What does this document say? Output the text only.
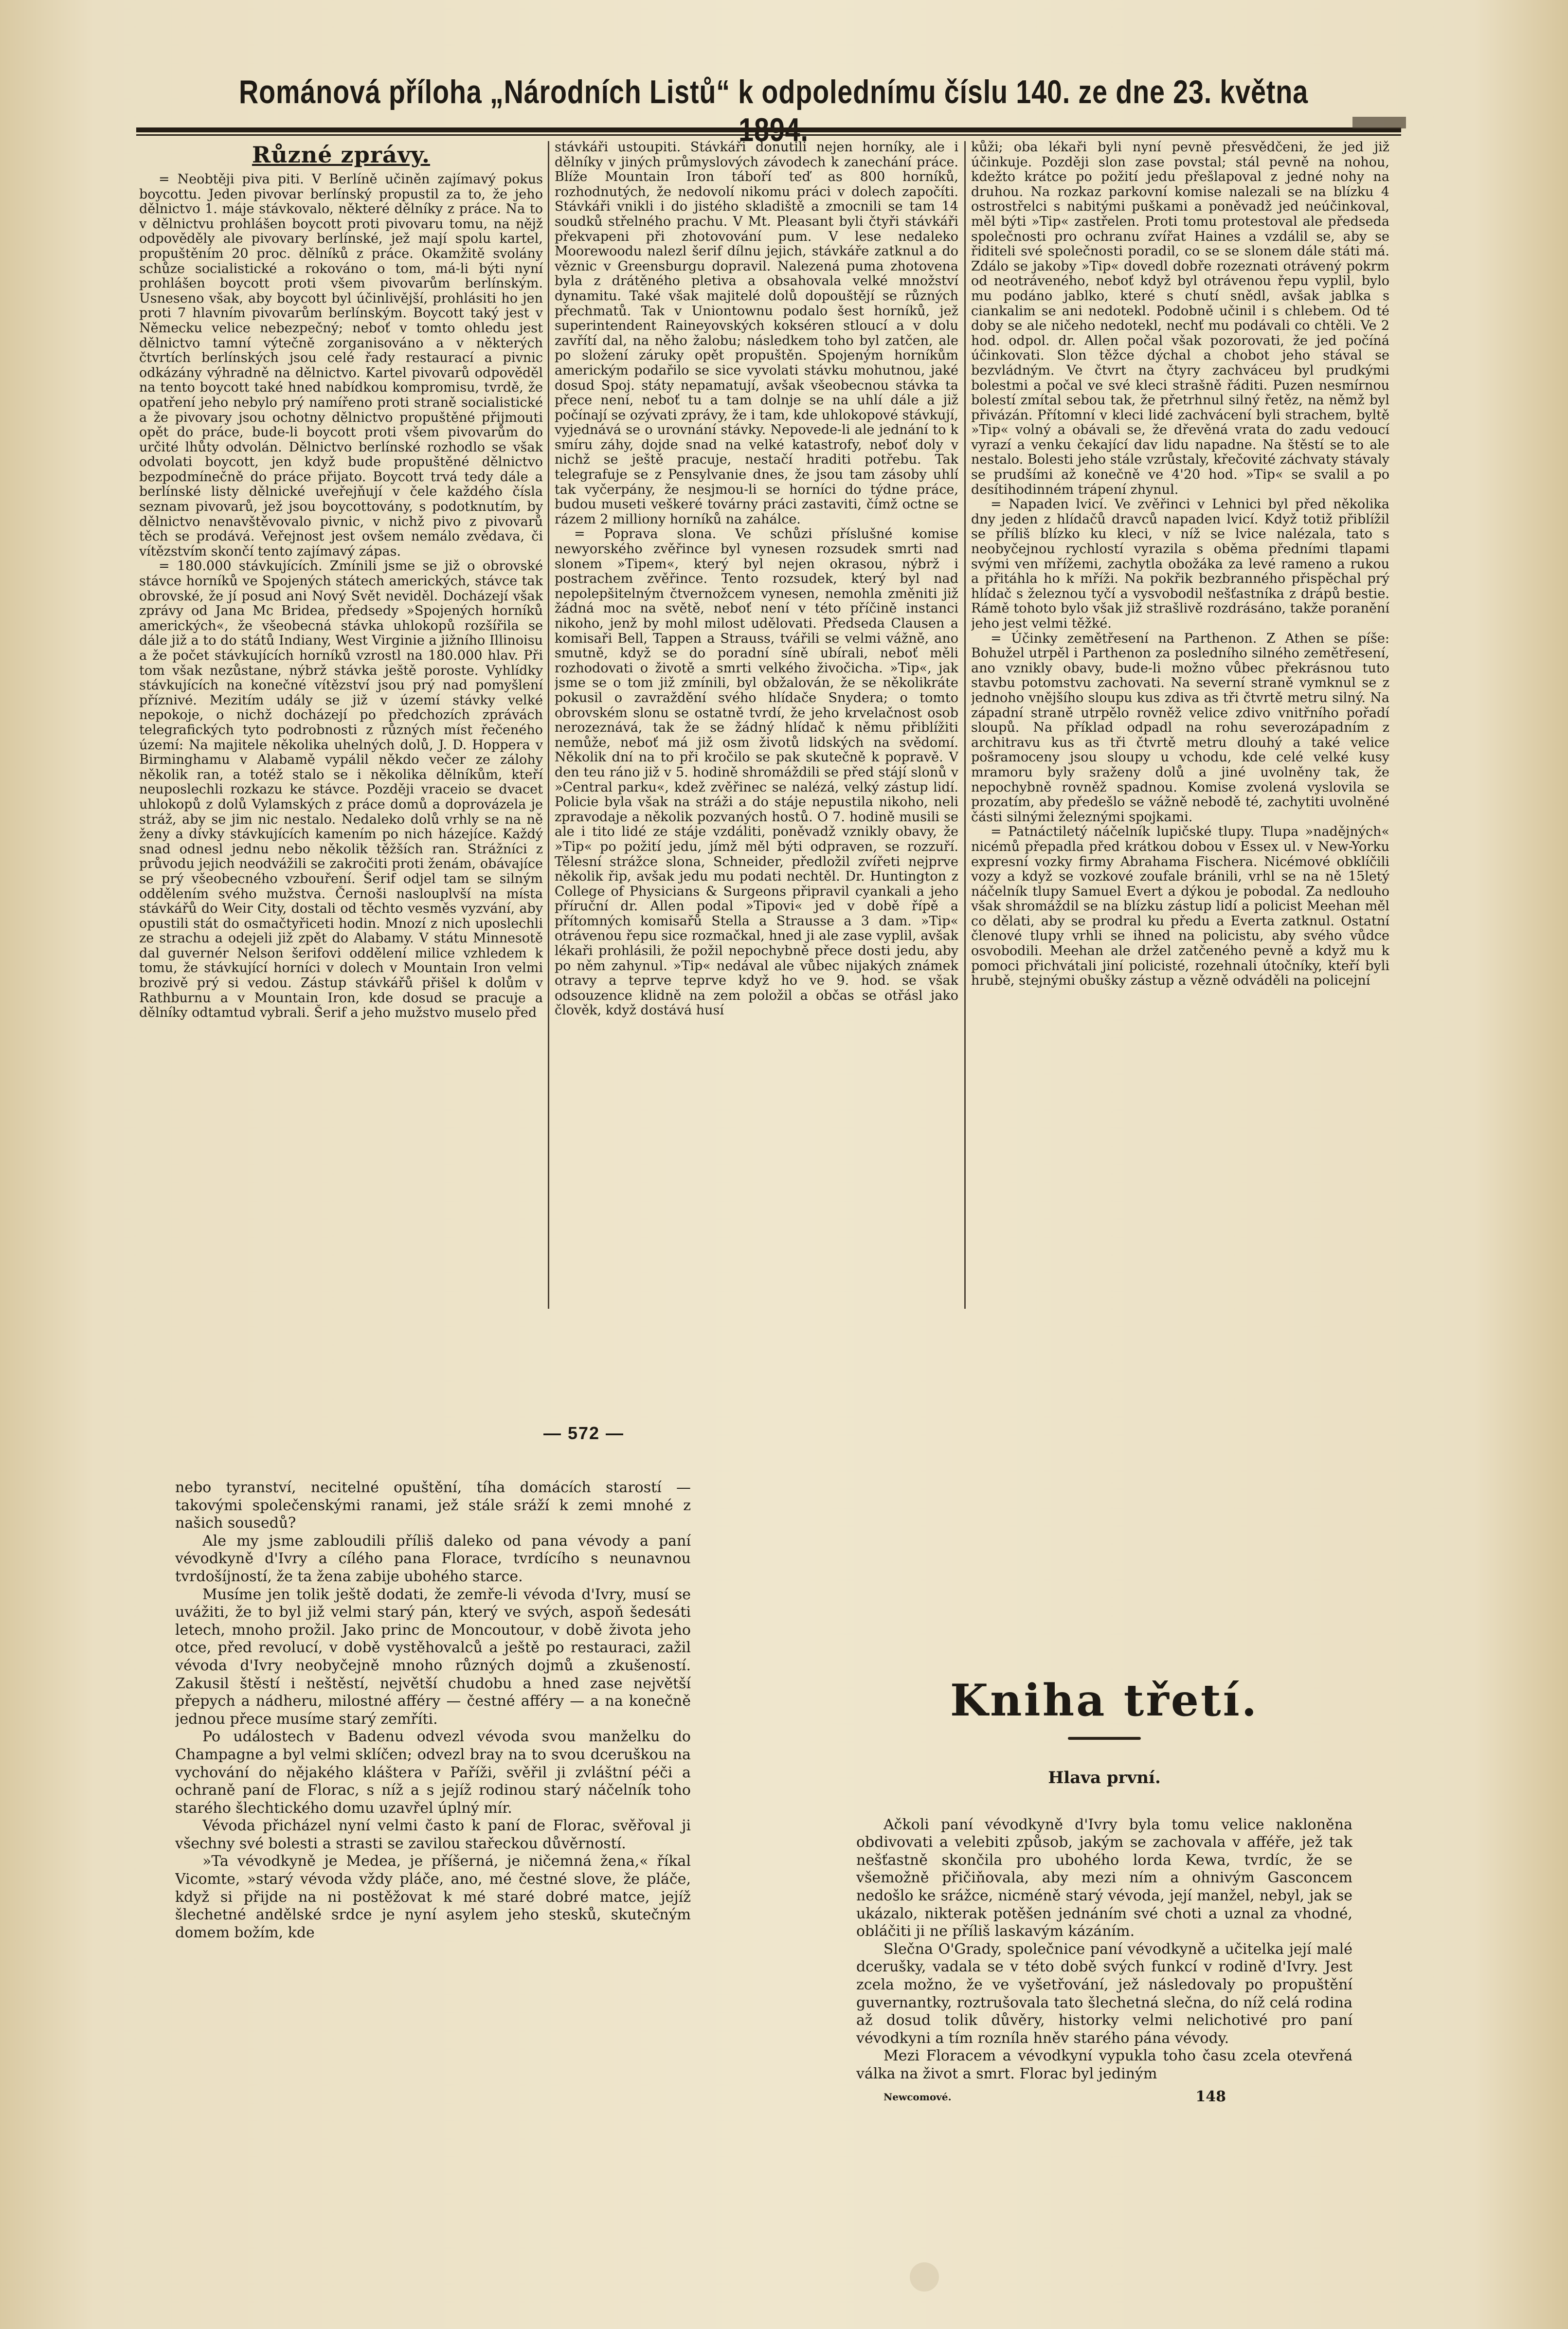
Románová příloha „Národních Listů“ k odpolednímu číslu 140. ze dne 23. května
Různé zprávy.

= Neobtěji piva piti. V Berlíně učiněn zajímavý pokus boycottu. Jeden pivovar berlínský propustil za to, že jeho dělnictvo 1. máje stávkovalo, některé dělníky z práce. Na to v dělnictvu prohlášen boycott proti pivovaru tomu, na nějž odpověděly ale pivovary berlínské, jež mají spolu kartel, propuštěním 20 proc. dělníků z práce. Okamžitě svolány schůze socialistické a rokováno o tom, má-li býti nyní prohlášen boycott proti všem pivovarům berlínským. Usneseno však, aby boycott byl účinlivější, prohlásiti ho jen proti 7 hlavním pivovarům berlínským. Boycott taký jest v Německu velice nebezpečný; neboť v tomto ohledu jest dělnictvo tamní výtečně zorganisováno a v některých čtvrtích berlínských jsou celé řady restaurací a pivnic odkázány výhradně na dělnictvo. Kartel pivovarů odpověděl na tento boycott také hned nabídkou kompromisu, tvrdě, že opatření jeho nebylo prý namířeno proti straně socialistické a že pivovary jsou ochotny dělnictvo propuštěné přijmouti opět do práce, bude-li boycott proti všem pivovarům do určité lhůty odvolán. Dělnictvo berlínské rozhodlo se však odvolati boycott, jen když bude propuštěné dělnictvo bezpodmínečně do práce přijato. Boycott trvá tedy dále a berlínské listy dělnické uveřejňují v čele každého čísla seznam pivovarů, jež jsou boycottovány, s podotknutím, by dělnictvo nenavštěvovalo pivnic, v nichž pivo z pivovarů těch se prodává. Veřejnost jest ovšem nemálo zvědava, či vítězstvím skončí tento zajímavý zápas.

= 180.000 stávkujících. Zmínili jsme se již o obrovské stávce horníků ve Spojených státech amerických, stávce tak obrovské, že jí posud ani Nový Svět neviděl. Docházejí však zprávy od Jana Mc Bridea, předsedy »Spojených horníků amerických«, že všeobecná stávka uhlokopů rozšířila se dále již a to do států Indiany, West Virginie a jižního Illinoisu a že počet stávkujících horníků vzrostl na 180.000 hlav. Při tom však nezůstane, nýbrž stávka ještě poroste. Vyhlídky stávkujících na konečné vítězství jsou prý nad pomyšlení příznivé. Mezitím udály se již v území stávky velké nepokoje, o nichž docházejí po předchozích zprávách telegrafických tyto podrobnosti z různých míst řečeného území: Na majitele několika uhelných dolů, J. D. Hoppera v Birminghamu v Alabamě vypálil někdo večer ze zálohy několik ran, a totéž stalo se i několika dělníkům, kteří neuposlechli rozkazu ke stávce. Později vraceio se dvacet uhlokopů z dolů Vylamských z práce domů a doprovázela je stráž, aby se jim nic nestalo. Nedaleko dolů vrhly se na ně ženy a dívky stávkujících kamením po nich házejíce. Každý snad odnesl jednu nebo několik těžších ran. Strážníci z průvodu jejich neodvážili se zakročiti proti ženám, obávajíce se prý všeobecného vzbouření. Šerif odjel tam se silným oddělením svého mužstva. Černoši naslouplvší na místa stávkářů do Weir City, dostali od těchto vesměs vyzvání, aby opustili stát do osmačtyřiceti hodin. Mnozí z nich uposlechli ze strachu a odejeli již zpět do Alabamy. V státu Minnesotě dal guvernér Nelson šerifovi oddělení milice vzhledem k tomu, že stávkující horníci v dolech v Mountain Iron velmi brozivě prý si vedou. Zástup stávkářů přišel k dolům v Rathburnu a v Mountain Iron, kde dosud se pracuje a dělníky odtamtud vybrali. Šerif a jeho mužstvo muselo před

stávkáři ustoupiti. Stávkáři donutili nejen horníky, ale i dělníky v jiných průmyslových závodech k zanechání práce. Blíže Mountain Iron táboří teď as 800 horníků, rozhodnutých, že nedovolí nikomu práci v dolech započíti. Stávkáři vnikli i do jistého skladiště a zmocnili se tam 14 soudků střelného prachu. V Mt. Pleasant byli čtyři stávkáři překvapeni při zhotovování pum. V lese nedaleko Moorewoodu nalezl šerif dílnu jejich, stávkáře zatknul a do věznic v Greensburgu dopravil. Nalezená puma zhotovena byla z drátěného pletiva a obsahovala velké množství dynamitu. Také však majitelé dolů dopouštějí se různých přechmatů. Tak v Uniontownu podalo šest horníků, jež superintendent Raineyovských kokséren stloucí a v dolu zavřítí dal, na něho žalobu; následkem toho byl zatčen, ale po složení záruky opět propuštěn. Spojeným horníkům americkým podařilo se sice vyvolati stávku mohutnou, jaké dosud Spoj. státy nepamatují, avšak všeobecnou stávka ta přece není, neboť tu a tam dolnje se na uhlí dále a již počínají se ozývati zprávy, že i tam, kde uhlokopové stávkují, vyjednává se o urovnání stávky. Nepovede-li ale jednání to k smíru záhy, dojde snad na velké katastrofy, neboť doly v nichž se ještě pracuje, nestačí hraditi potřebu. Tak telegrafuje se z Pensylvanie dnes, že jsou tam zásoby uhlí tak vyčerpány, že nesjmou-li se horníci do týdne práce, budou museti veškeré továrny práci zastaviti, čímž octne se rázem 2 milliony horníků na zahálce.

= Poprava slona. Ve schůzi příslušné komise newyorského zvěřince byl vynesen rozsudek smrti nad slonem »Tipem«, který byl nejen okrasou, nýbrž i postrachem zvěřince. Tento rozsudek, který byl nad nepolepšitelným čtvernožcem vynesen, nemohla změniti již žádná moc na světě, neboť není v této příčině instanci nikoho, jenž by mohl milost udělovati. Předseda Clausen a komisaři Bell, Tappen a Strauss, tvářili se velmi vážně, ano smutně, když se do poradní síně ubírali, neboť měli rozhodovati o životě a smrti velkého živočicha. »Tip«, jak jsme se o tom již zmínili, byl obžalován, že se několikráte pokusil o zavraždění svého hlídače Snydera; o tomto obrovském slonu se ostatně tvrdí, že jeho krvelačnost osob nerozeznává, tak že se žádný hlídač k němu přiblížiti nemůže, neboť má již osm životů lidských na svědomí. Několik dní na to při kročilo se pak skutečně k popravě. V den teu ráno již v 5. hodině shromáždili se před stájí slonů v »Central parku«, kdež zvěřinec se nalézá, velký zástup lidí. Policie byla však na stráži a do stáje nepustila nikoho, neli zpravodaje a několik pozvaných hostů. O 7. hodině musili se ale i tito lidé ze stáje vzdáliti, poněvadž vznikly obavy, že »Tip« po požití jedu, jímž měl býti odpraven, se rozzuří. Tělesní strážce slona, Schneider, předložil zvířeti nejprve několik řip, avšak jedu mu podati nechtěl. Dr. Huntington z College of Physicians & Surgeons připravil cyankali a jeho příruční dr. Allen podal »Tipovi« jed v době řípě a přítomných komisařů Stella a Strausse a 3 dam. »Tip« otrávenou řepu sice rozmačkal, hned ji ale zase vyplil, avšak lékaři prohlásili, že požil nepochybně přece dosti jedu, aby po něm zahynul. »Tip« nedával ale vůbec nijakých známek otravy a teprve teprve když ho ve 9. hod. se však odsouzence klidně na zem položil a občas se otřásl jako člověk, když dostává husí

kůži; oba lékaři byli nyní pevně přesvědčeni, že jed již účinkuje. Později slon zase povstal; stál pevně na nohou, kdežto krátce po požití jedu přešlapoval z jedné nohy na druhou. Na rozkaz parkovní komise nalezali se na blízku 4 ostrostřelci s nabitými puškami a poněvadž jed neúčinkoval, měl býti »Tip« zastřelen. Proti tomu protestoval ale předseda společnosti pro ochranu zvířat Haines a vzdálil se, aby se řiditeli své společnosti poradil, co se se slonem dále státi má. Zdálo se jakoby »Tip« dovedl dobře rozeznati otrávený pokrm od neotráveného, neboť když byl otrávenou řepu vyplil, bylo mu podáno jablko, které s chutí snědl, avšak jablka s ciankalim se ani nedotekl. Podobně učinil i s chlebem. Od té doby se ale ničeho nedotekl, nechť mu podávali co chtěli. Ve 2 hod. odpol. dr. Allen počal však pozorovati, že jed počíná účinkovati. Slon těžce dýchal a chobot jeho stával se bezvládným. Ve čtvrt na čtyry zachváceu byl prudkými bolestmi a počal ve své kleci strašně řáditi. Puzen nesmírnou bolestí zmítal sebou tak, že přetrhnul silný řetěz, na němž byl přivázán. Přítomní v kleci lidé zachvácení byli strachem, byltě »Tip« volný a obávali se, že dřevěná vrata do zadu vedoucí vyrazí a venku čekající dav lidu napadne. Na štěstí se to ale nestalo. Bolesti jeho stále vzrůstaly, křečovité záchvaty stávaly se prudšími až konečně ve 4'20 hod. »Tip« se svalil a po desítihodinném trápení zhynul.

= Napaden lvicí. Ve zvěřinci v Lehnici byl před několika dny jeden z hlídačů dravců napaden lvicí. Když totiž přiblížil se příliš blízko ku kleci, v níž se lvice nalézala, tato s neobyčejnou rychlostí vyrazila s oběma předními tlapami svými ven mřížemi, zachytla obožáka za levé rameno a rukou a přitáhla ho k mříži. Na pokřik bezbranného přispěchal prý hlídač s železnou tyčí a vysvobodil nešťastníka z drápů bestie. Rámě tohoto bylo však již strašlivě rozdrásáno, takže poranění jeho jest velmi těžké.

= Účinky zemětřesení na Parthenon. Z Athen se píše: Bohužel utrpěl i Parthenon za posledního silného zemětřesení, ano vznikly obavy, bude-li možno vůbec překrásnou tuto stavbu potomstvu zachovati. Na severní straně vymknul se z jednoho vnějšího sloupu kus zdiva as tři čtvrtě metru silný. Na západní straně utrpělo rovněž velice zdivo vnitřního pořadí sloupů. Na příklad odpadl na rohu severozápadním z architravu kus as tři čtvrtě metru dlouhý a také velice pošramoceny jsou sloupy u vchodu, kde celé velké kusy mramoru byly sraženy dolů a jiné uvolněny tak, že nepochybně rovněž spadnou. Komise zvolená vyslovila se prozatím, aby předešlo se vážně nebodě té, zachytiti uvolněné části silnými železnými spojkami.

= Patnáctiletý náčelník lupičské tlupy. Tlupa »nadějných« nicémů přepadla před krátkou dobou v Essex ul. v New-Yorku expresní vozky firmy Abrahama Fischera. Nicémové obklíčili vozy a když se vozkové zoufale bránili, vrhl se na ně 15letý náčelník tlupy Samuel Evert a dýkou je pobodal. Za nedlouho však shromáždil se na blízku zástup lidí a policist Meehan měl co dělati, aby se prodral ku předu a Everta zatknul. Ostatní členové tlupy vrhli se ihned na policistu, aby svého vůdce osvobodili. Meehan ale držel zatčeného pevně a když mu k pomoci přichvátali jiní policisté, rozehnali útočníky, kteří byli hrubě, stejnými obušky zástup a vězně odváděli na policejní

— 572 —

nebo tyranství, necitelné opuštění, tíha domácích starostí — takovými společenskými ranami, jež stále sráží k zemi mnohé z našich sousedů?

Ale my jsme zabloudili příliš daleko od pana vévody a paní vévodkyně d'Ivry a cílého pana Florace, tvrdícího s neunavnou tvrdošíjností, že ta žena zabije ubohého starce.

Musíme jen tolik ještě dodati, že zemře-li vévoda d'Ivry, musí se uvážiti, že to byl již velmi starý pán, který ve svých, aspoň šedesáti letech, mnoho prožil. Jako princ de Moncoutour, v době života jeho otce, před revolucí, v době vystěhovalců a ještě po restauraci, zažil vévoda d'Ivry neobyčejně mnoho různých dojmů a zkušeností. Zakusil štěstí i neštěstí, největší chudobu a hned zase největší přepych a nádheru, milostné afféry — čestné afféry — a na konečně jednou přece musíme starý zemříti.

Po událostech v Badenu odvezl vévoda svou manželku do Champagne a byl velmi sklíčen; odvezl bray na to svou dceruškou na vychování do nějakého kláštera v Paříži, svěřil ji zvláštní péči a ochraně paní de Florac, s níž a s jejíž rodinou starý náčelník toho starého šlechtického domu uzavřel úplný mír.

Vévoda přicházel nyní velmi často k paní de Florac, svěřoval ji všechny své bolesti a strasti se zavilou stařeckou důvěrností.

»Ta vévodkyně je Medea, je příšerná, je ničemná žena,« říkal Vicomte, »starý vévoda vždy pláče, ano, mé čestné slove, že pláče, když si přijde na ni postěžovat k mé staré dobré matce, jejíž šlechetné andělské srdce je nyní asylem jeho stesků, skutečným domem božím, kde

Kniha třetí.
Hlava první.

Ačkoli paní vévodkyně d'Ivry byla tomu velice nakloněna obdivovati a velebiti způsob, jakým se zachovala v afféře, jež tak nešťastně skončila pro ubohého lorda Kewa, tvrdíc, že se všemožně přičiňovala, aby mezi ním a ohnivým Gasconcem nedošlo ke srážce, nicméně starý vévoda, její manžel, nebyl, jak se ukázalo, nikterak potěšen jednáním své choti a uznal za vhodné, obláčiti ji ne příliš laskavým kázáním.

Slečna O'Grady, společnice paní vévodkyně a učitelka její malé dcerušky, vadala se v této době svých funkcí v rodině d'Ivry. Jest zcela možno, že ve vyšetřování, jež následovaly po propuštění guvernantky, roztrušovala tato šlechetná slečna, do níž celá rodina až dosud tolik důvěry, historky velmi nelichotivé pro paní vévodkyni a tím rozníla hněv starého pána vévody.

Mezi Floracem a vévodkyní vypukla toho času zcela otevřená válka na život a smrt. Florac byl jediným

Newcomové.	148
